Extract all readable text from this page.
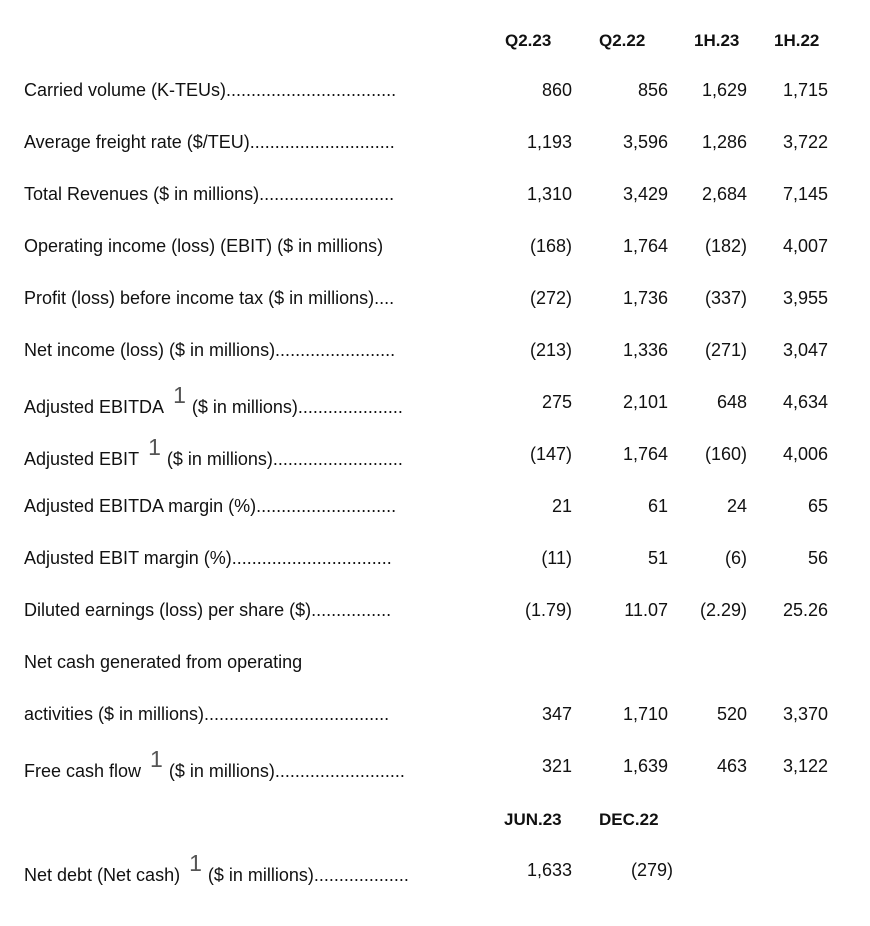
Q2.23	Q2.22	1H.23 1H.22
Carried volume (K-TEUs)..................................	860	856 1,629 1,715
Average freight rate ($/TEU).............................	1,193	3,596 1,286 3,722
Total Revenues ($ in millions)...........................	1,310	3,429 2,684 7,145
Operating income (loss) (EBIT) ($ in millions)	(168)	1,764 (182) 4,007
Profit (loss) before income tax ($ in millions)....	(272)	1,736 (337) 3,955
Net income (loss) ($ in millions)........................	(213)	1,336 (271) 3,047
Adjusted EBITDA 1 ($ in millions).....................	275	2,101	648 4,634
Adjusted EBIT 1 ($ in millions)..........................	(147)	1,764 (160) 4,006
Adjusted EBITDA margin (%)............................	21	61	24	65
Adjusted EBIT margin (%)................................	(11)	51	(6)	56
Diluted earnings (loss) per share ($)................	(1.79)	11.07 (2.29) 25.26
Net cash generated from operating
activities ($ in millions).....................................	347	1,710	520 3,370
Free cash flow 1 ($ in millions)..........................	321	1,639	463 3,122
JUN.23 DEC.22
Net debt (Net cash) 1 ($ in millions)...................	1,633	(279)
